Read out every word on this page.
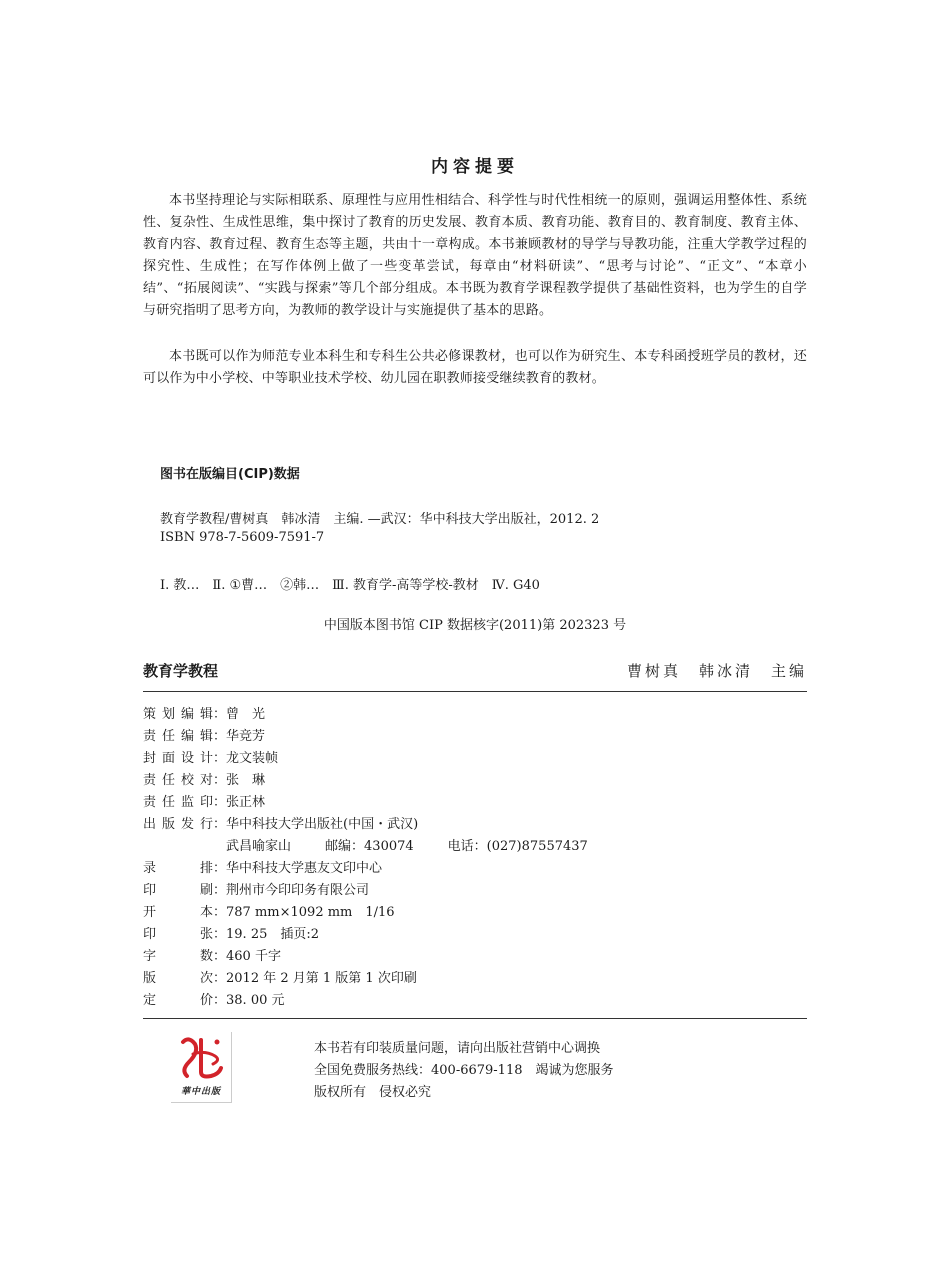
内容提要
本书坚持理论与实际相联系、原理性与应用性相结合、科学性与时代性相统一的原则，强调运用整体性、系统性、复杂性、生成性思维，集中探讨了教育的历史发展、教育本质、教育功能、教育目的、教育制度、教育主体、教育内容、教育过程、教育生态等主题，共由十一章构成。本书兼顾教材的导学与导教功能，注重大学教学过程的探究性、生成性；在写作体例上做了一些变革尝试，每章由“材料研读”、“思考与讨论”、“正文”、“本章小结”、“拓展阅读”、“实践与探索”等几个部分组成。本书既为教育学课程教学提供了基础性资料，也为学生的自学与研究指明了思考方向，为教师的教学设计与实施提供了基本的思路。
本书既可以作为师范专业本科生和专科生公共必修课教材，也可以作为研究生、本专科函授班学员的教材，还可以作为中小学校、中等职业技术学校、幼儿园在职教师接受继续教育的教材。
图书在版编目(CIP)数据
教育学教程/曹树真　韩冰清　主编. —武汉：华中科技大学出版社，2012. 2
ISBN 978-7-5609-7591-7
Ⅰ. 教…　Ⅱ. ①曹…　②韩…　Ⅲ. 教育学-高等学校-教材　Ⅳ. G40
中国版本图书馆 CIP 数据核字(2011)第 202323 号
教育学教程	曹树真　韩冰清　主编
策划编辑：曾　光
责任编辑：华竞芳
封面设计：龙文装帧
责任校对：张　琳
责任监印：张正林
出版发行：华中科技大学出版社(中国・武汉)
　武昌喻家山	邮编：430074	电话：(027)87557437
录　　排：华中科技大学惠友文印中心
印　　刷：荆州市今印印务有限公司
开　　本：787 mm×1092 mm　1/16
印　　张：19. 25　插页:2
字　　数：460 千字
版　　次：2012 年 2 月第 1 版第 1 次印刷
定　　价：38. 00 元
華中出版
本书若有印装质量问题，请向出版社营销中心调换
全国免费服务热线：400-6679-118　竭诚为您服务
版权所有　侵权必究
